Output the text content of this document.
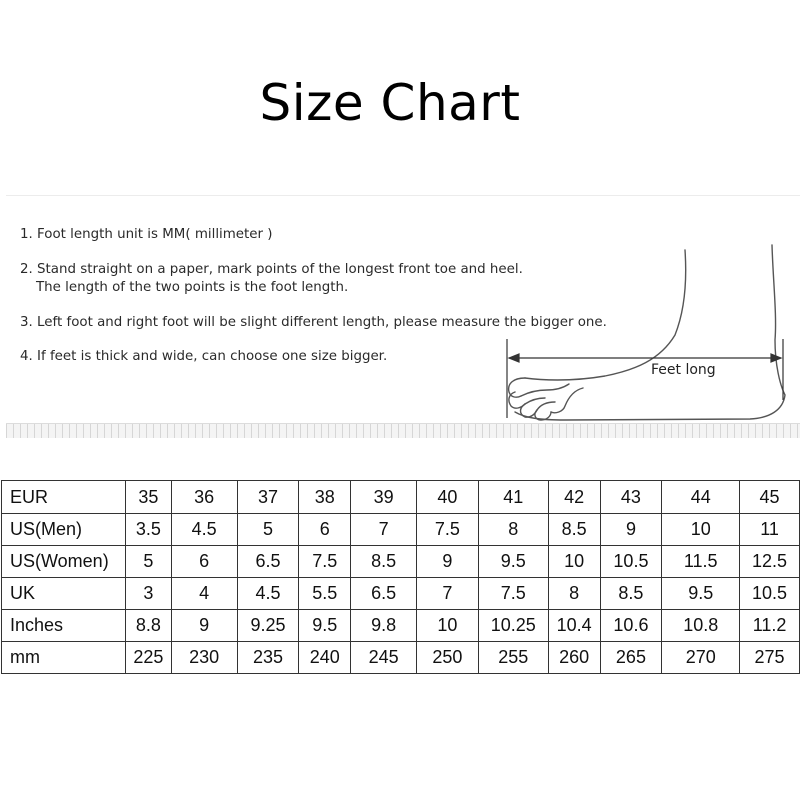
Size Chart
1. Foot length unit is MM( millimeter )
2. Stand straight on a paper, mark points of the longest front toe and heel.
The length of the two points is the foot length.
3. Left foot and right foot will be slight different length, please measure the bigger one.
4. If feet is thick and wide, can choose one size bigger.
Feet long
EUR	35	36	37	38	39	40	41	42	43	44	45
US(Men)	3.5	4.5	5	6	7	7.5	8	8.5	9	10	11
US(Women)	5	6	6.5	7.5	8.5	9	9.5	10	10.5	11.5	12.5
UK	3	4	4.5	5.5	6.5	7	7.5	8	8.5	9.5	10.5
Inches	8.8	9	9.25	9.5	9.8	10	10.25	10.4	10.6	10.8	11.2
mm	225	230	235	240	245	250	255	260	265	270	275
